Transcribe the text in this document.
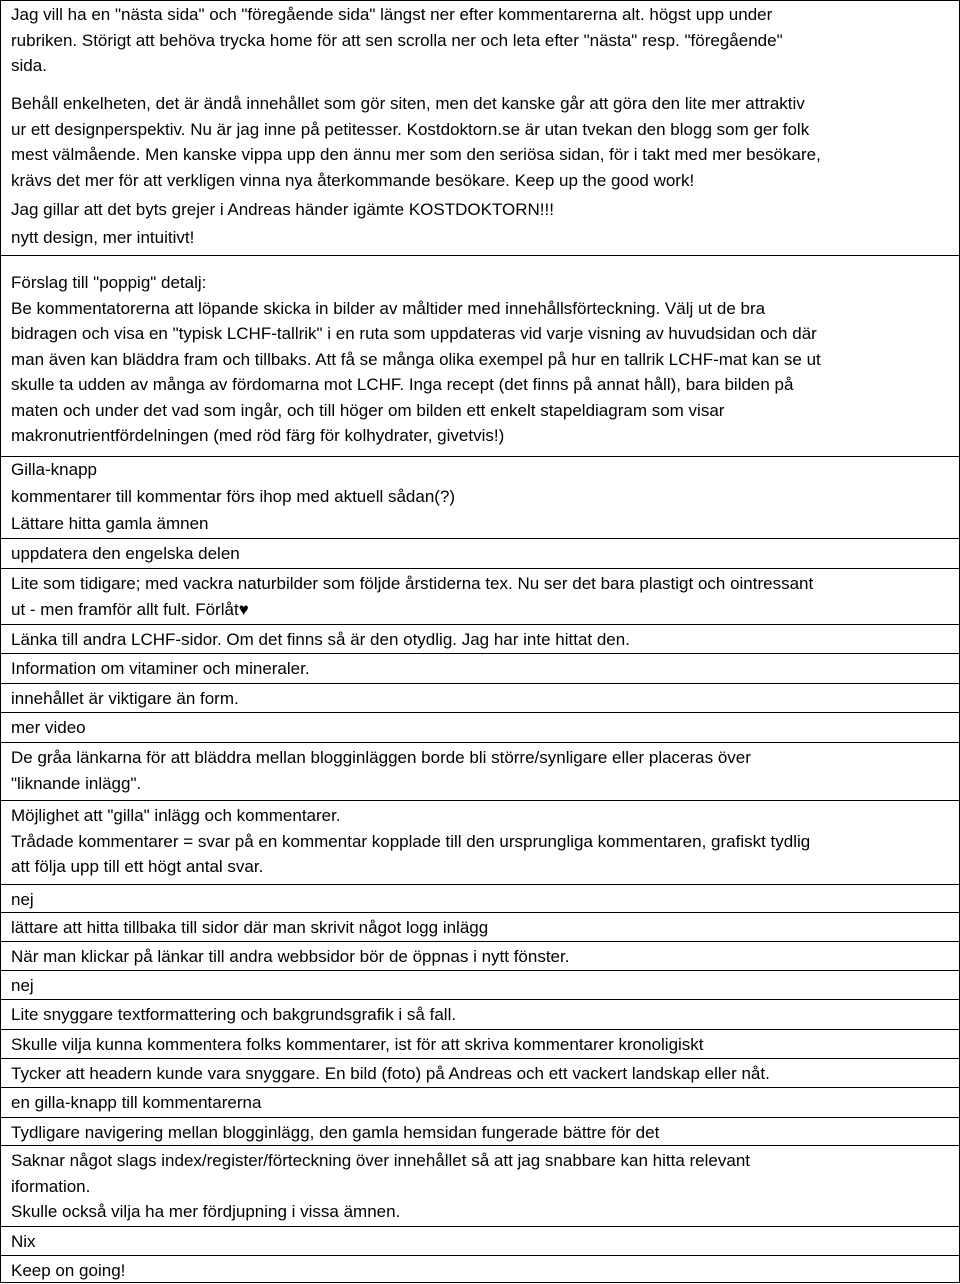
Jag vill ha en "nästa sida" och "föregående sida" längst ner efter kommentarerna alt. högst upp under
rubriken. Störigt att behöva trycka home för att sen scrolla ner och leta efter "nästa" resp. "föregående"
sida.
Behåll enkelheten, det är ändå innehållet som gör siten, men det kanske går att göra den lite mer attraktiv
ur ett designperspektiv. Nu är jag inne på petitesser. Kostdoktorn.se är utan tvekan den blogg som ger folk
mest välmående. Men kanske vippa upp den ännu mer som den seriösa sidan, för i takt med mer besökare,
krävs det mer för att verkligen vinna nya återkommande besökare. Keep up the good work!
Jag gillar att det byts grejer i Andreas händer igämte KOSTDOKTORN!!!
nytt design, mer intuitivt!
Förslag till "poppig" detalj:
Be kommentatorerna att löpande skicka in bilder av måltider med innehållsförteckning. Välj ut de bra
bidragen och visa en "typisk LCHF-tallrik" i en ruta som uppdateras vid varje visning av huvudsidan och där
man även kan bläddra fram och tillbaks. Att få se många olika exempel på hur en tallrik LCHF-mat kan se ut
skulle ta udden av många av fördomarna mot LCHF. Inga recept (det finns på annat håll), bara bilden på
maten och under det vad som ingår, och till höger om bilden ett enkelt stapeldiagram som visar
makronutrientfördelningen (med röd färg för kolhydrater, givetvis!)
Gilla-knapp
kommentarer till kommentar förs ihop med aktuell sådan(?)
Lättare hitta gamla ämnen
uppdatera den engelska delen
Lite som tidigare; med vackra naturbilder som följde årstiderna tex. Nu ser det bara plastigt och ointressant
ut - men framför allt fult. Förlåt♥
Länka till andra LCHF-sidor. Om det finns så är den otydlig. Jag har inte hittat den.
Information om vitaminer och mineraler.
innehållet är viktigare än form.
mer video
De gråa länkarna för att bläddra mellan blogginläggen borde bli större/synligare eller placeras över
"liknande inlägg".
Möjlighet att "gilla" inlägg och kommentarer.
Trådade kommentarer = svar på en kommentar kopplade till den ursprungliga kommentaren, grafiskt tydlig
att följa upp till ett högt antal svar.
nej
lättare att hitta tillbaka till sidor där man skrivit något logg inlägg
När man klickar på länkar till andra webbsidor bör de öppnas i nytt fönster.
nej
Lite snyggare textformattering och bakgrundsgrafik i så fall.
Skulle vilja kunna kommentera folks kommentarer, ist för att skriva kommentarer kronoligiskt
Tycker att headern kunde vara snyggare. En bild (foto) på Andreas och ett vackert landskap eller nåt.
en gilla-knapp till kommentarerna
Tydligare navigering mellan blogginlägg, den gamla hemsidan fungerade bättre för det
Saknar något slags index/register/förteckning över innehållet så att jag snabbare kan hitta relevant
iformation.
Skulle också vilja ha mer fördjupning i vissa ämnen.
Nix
Keep on going!
